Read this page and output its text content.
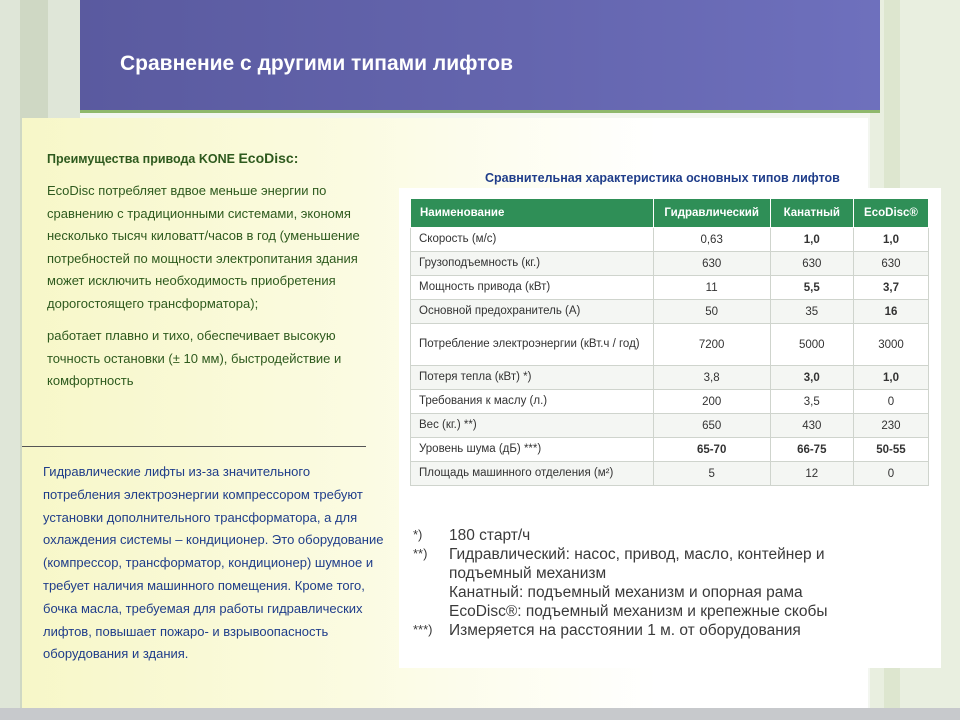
Сравнение с другими типами лифтов

Преимущества привода KONE EcoDisc:

EcoDisc потребляет вдвое меньше энергии по сравнению с традиционными системами, экономя несколько тысяч киловатт/часов в год (уменьшение потребностей по мощности электропитания здания может исключить необходимость приобретения дорогостоящего трансформатора);

работает плавно и тихо, обеспечивает высокую точность остановки (± 10 мм), быстродействие и комфортность

Гидравлические лифты из-за значительного потребления электроэнергии компрессором требуют установки дополнительного трансформатора, а для охлаждения системы – кондиционер. Это оборудование (компрессор, трансформатор, кондиционер) шумное и требует наличия машинного помещения. Кроме того, бочка масла, требуемая для работы гидравлических лифтов, повышает пожаро- и взрывоопасность оборудования и здания.
Сравнительная характеристика основных типов лифтов
Наименование	Гидравлический	Канатный	EcoDisc®
Скорость (м/с)	0,63	1,0	1,0
Грузоподъемность (кг.)	630	630	630
Мощность привода (кВт)	11	5,5	3,7
Основной предохранитель (А)	50	35	16
Потребление электроэнергии (кВт.ч / год)	7200	5000	3000
Потеря тепла (кВт) *)	3,8	3,0	1,0
Требования к маслу (л.)	200	3,5	0
Вес (кг.) **)	650	430	230
Уровень шума (дБ) ***)	65-70	66-75	50-55
Площадь машинного отделения (м²)	5	12	0
*) 180 старт/ч
**) Гидравлический: насос, привод, масло, контейнер и
подъемный механизм
Канатный: подъемный механизм и опорная рама
EcoDisc®: подъемный механизм и крепежные скобы
***) Измеряется на расстоянии 1 м. от оборудования
